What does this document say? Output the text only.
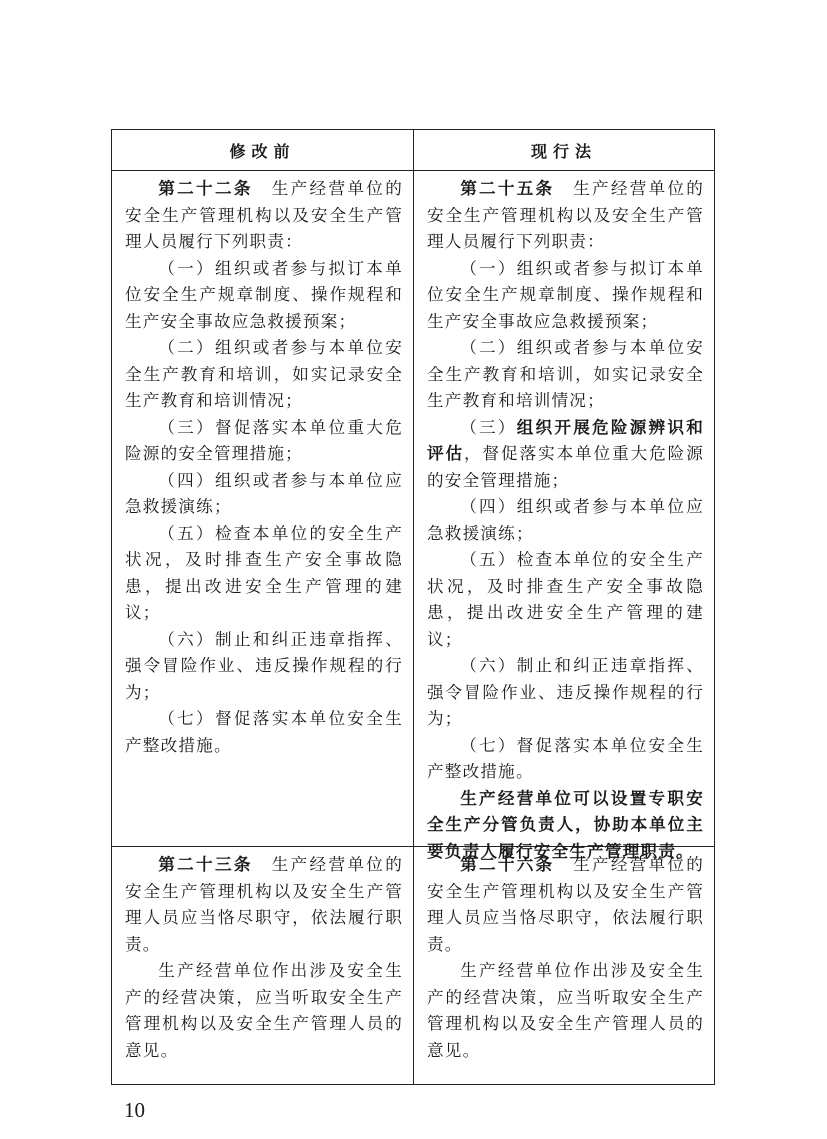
修改前	现行法

第二十二条　生产经营单位的安全生产管理机构以及安全生产管理人员履行下列职责：

（一）组织或者参与拟订本单位安全生产规章制度、操作规程和生产安全事故应急救援预案；

（二）组织或者参与本单位安全生产教育和培训，如实记录安全生产教育和培训情况；

（三）督促落实本单位重大危险源的安全管理措施；

（四）组织或者参与本单位应急救援演练；

（五）检查本单位的安全生产状况，及时排查生产安全事故隐患，提出改进安全生产管理的建议；

（六）制止和纠正违章指挥、强令冒险作业、违反操作规程的行为；

（七）督促落实本单位安全生产整改措施。

第二十五条　生产经营单位的安全生产管理机构以及安全生产管理人员履行下列职责：

（一）组织或者参与拟订本单位安全生产规章制度、操作规程和生产安全事故应急救援预案；

（二）组织或者参与本单位安全生产教育和培训，如实记录安全生产教育和培训情况；

（三）组织开展危险源辨识和评估，督促落实本单位重大危险源的安全管理措施；

（四）组织或者参与本单位应急救援演练；

（五）检查本单位的安全生产状况，及时排查生产安全事故隐患，提出改进安全生产管理的建议；

（六）制止和纠正违章指挥、强令冒险作业、违反操作规程的行为；

（七）督促落实本单位安全生产整改措施。

生产经营单位可以设置专职安全生产分管负责人，协助本单位主要负责人履行安全生产管理职责。

第二十三条　生产经营单位的安全生产管理机构以及安全生产管理人员应当恪尽职守，依法履行职责。

生产经营单位作出涉及安全生产的经营决策，应当听取安全生产管理机构以及安全生产管理人员的意见。

第二十六条　生产经营单位的安全生产管理机构以及安全生产管理人员应当恪尽职守，依法履行职责。

生产经营单位作出涉及安全生产的经营决策，应当听取安全生产管理机构以及安全生产管理人员的意见。

10
